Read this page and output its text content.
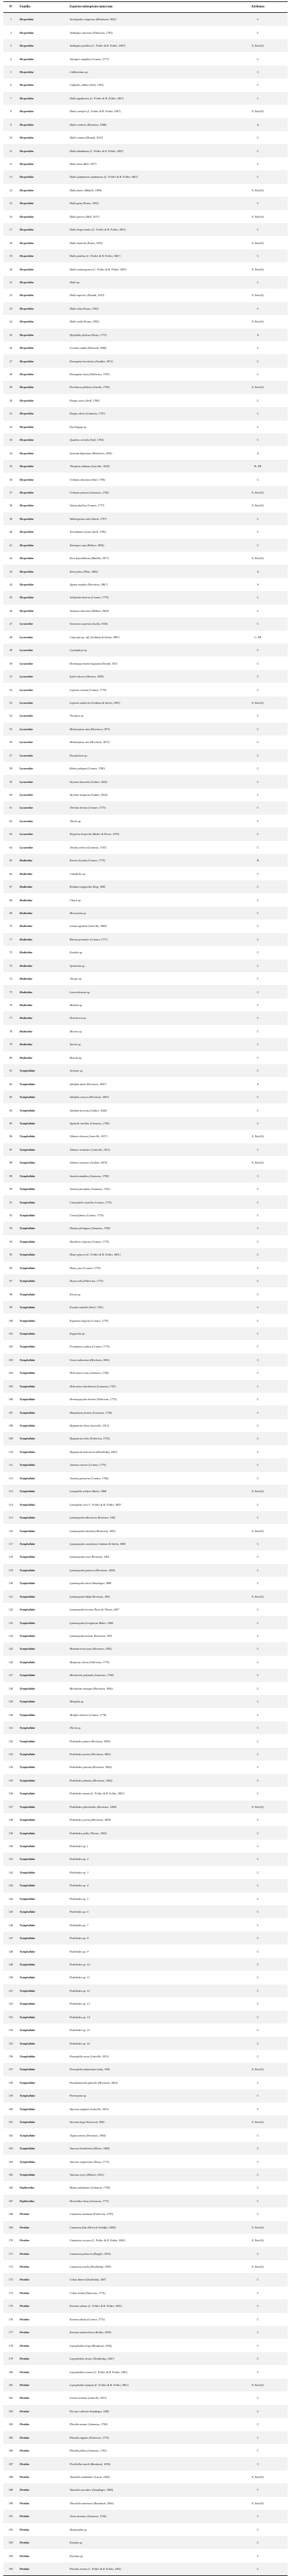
Nº	Família	Espécies/subespécies/autor/ano	Atributos
1	Hesperiidae	Aeolopsida compressa (Boisduval, 1852)	C
2	Hesperiidae	Anthoptus epictetus (Fabricius, 1793)	C
3	Hesperiidae	Anthoptus pusillus (C. Felder & R. Felder, 1867)	E, End (S)
4	Hesperiidae	Astraptes anaphus (Cramer, 1777)	C
5	Hesperiidae	Callimormus sp.	C
6	Hesperiidae	Calpodes ethlius (Stoll, 1782)	C
7	Hesperiidae	Dalla agathocles (C. Felder & R. Felder, 1867)	C
8	Hesperiidae	Dalla carnifex (C. Felder & R. Felder, 1867)	E, End (S)
9	Hesperiidae	Dalla cordova (Hewitson, 1868)	A
10	Hesperiidae	Dalla costata (Draudt, 1923)	C
11	Hesperiidae	Dalla dimidiatus (C. Felder & R. Felder, 1867)	C
12	Hesperiidae	Dalla dora (Bell, 1937)	C
13	Hesperiidae	Dalla epiphaneus epiphaneus (C. Felder & R. Felder, 1867)	C
14	Hesperiidae	Dalla frater (Mabille, 1899)	E, End (S)
15	Hesperiidae	Dalla geza (Evans, 1955)	C
16	Hesperiidae	Dalla grovesi (Bell, 1937)	E, End (S)
17	Hesperiidae	Dalla hesperioides (C. Felder & R. Felder, 1867)	C
18	Hesperiidae	Dalla marcela (Evans, 1955)	E, End (S)
19	Hesperiidae	Dalla pulchra (C. Felder & R. Felder, 1867)	C
20	Hesperiidae	Dalla semiargentea (C. Felder & R. Felder, 1867)	E, End (S)
21	Hesperiidae	Dalla sp.	C
22	Hesperiidae	Dalla superior (Draudt, 1923)	E, End (S)
23	Hesperiidae	Dalla vitta (Evans, 1955)	C
24	Hesperiidae	Dalla wolfi (Evans, 1955)	E, End (S)
25	Hesperiidae	Hylephila phyleus (Drury, 1773)	A
26	Hesperiidae	Lerodea eufala (Edwards, 1869)	C
27	Hesperiidae	Panoquina hecebolus (Scudder, 1872)	C
28	Hesperiidae	Panoquina lucas (Fabricius, 1793)	C
29	Hesperiidae	Perichares philetes (Gmelin, 1790)	E, End (S)
30	Hesperiidae	Pyrgus orcus (Stoll, 1780)	C
31	Hesperiidae	Pyrgus oileus (Linnaeus, 1767)	C
32	Hesperiidae	Pyrrhopyge sp.	C
33	Hesperiidae	Quadrus cerialis (Stoll, 1782)	C
34	Hesperiidae	Sostrata bifasciata (Ménétriés, 1829)	A
35	Hesperiidae	Thespieus dalman (Latreille, 1824)	B, NE
36	Hesperiidae	Urbanus dorantes (Stoll, 1790)	C
37	Hesperiidae	Urbanus proteus (Linnaeus, 1758)	E, End (S)
38	Hesperiidae	Vettius phyllus (Cramer, 1777)	E, End (S)
39	Hesperiidae	Wallengrenia otho (Smith, 1797)	C
40	Hesperiidae	Xenophanes tryxus (Stoll, 1780)	C
41	Hesperiidae	Zariaspes mys (Hübner, 1808)	C
42	Hesperiidae	Zera hyacinthinus (Mabille, 1877)	E, End (S)
43	Hesperiidae	Zenis jebus (Plötz, 1882)	A
44	Hesperiidae	Aguna asander (Hewitson, 1867)	A
45	Hesperiidae	Achlyodes busirus (Cramer, 1779)	C
46	Hesperiidae	Anastrus obscurus (Hübner, 1824)	C
47	Lycaenidae	Arawacus separata (Lathy, 1926)	C
48	Lycaenidae	Calycopis sp. aff. (Godman & Salvin, 1887)	C, NE
49	Lycaenidae	Cyanophrys sp.	C
50	Lycaenidae	Hemiargus hanno bogotana Draudt, 1921	C
51	Lycaenidae	Itylos titicaca (Weymer, 1890)	C
52	Lycaenidae	Leptotes cassius (Cramer, 1775)	C
53	Lycaenidae	Leptotes andicola (Godman & Salvin, 1891)	E, End (S)
54	Lycaenidae	Nicolaea sp.	C
55	Lycaenidae	Ministrymon azia (Hewitson, 1873)	C
56	Lycaenidae	Ministrymon una (Hewitson, 1873)	C
57	Lycaenidae	Pseudolucia sp.	C
58	Lycaenidae	Rekoa palegon (Cramer, 1780)	C
59	Lycaenidae	Strymon bazochii (Godart, 1824)	C
60	Lycaenidae	Strymon megarus (Godart, 1824)	C
61	Lycaenidae	Theritas hemon (Cramer, 1775)	C
62	Lycaenidae	Thecla sp.	C
63	Lycaenidae	Ziegleria hesperitis (Butler & Druce, 1872)	C
64	Lycaenidae	Tmolus echion (Linnaeus, 1767)	C
65	Riodinidae	Emesis lucinda (Cramer, 1775)	B
66	Riodinidae	Calephelis sp.	C
67	Riodinidae	Riodina lysippoides Berg, 1882	C
68	Riodinidae	Charis sp.	C
69	Riodinidae	Mesosemia sp.	C
70	Riodinidae	Lasaia agesilas (Latreille, 1809)	C
71	Riodinidae	Rhetus periander (Cramer, 1777)	C
72	Riodinidae	Eurybia sp.	C
73	Riodinidae	Apodemia sp.	C
74	Riodinidae	Theope sp.	C
75	Riodinidae	Leucochimona sp.	C
76	Riodinidae	Melanis sp.	C
77	Riodinidae	Detritivora sp.	C
78	Riodinidae	Mesene sp.	C
79	Riodinidae	Sarota sp.	C
80	Riodinidae	Baeotis sp.	C
81	Nymphalidae	Actinote sp.	C
82	Nymphalidae	Adelpha alala (Hewitson, 1847)	A
83	Nymphalidae	Adelpha corcyra (Hewitson, 1847)	C
84	Nymphalidae	Adelpha lycorias (Godart, 1824)	C
85	Nymphalidae	Agraulis vanillae (Linnaeus, 1758)	C
86	Nymphalidae	Altinote dicaeus (Latreille, 1817)	E, End (S)
87	Nymphalidae	Altinote stratonice (Latreille, 1813)	C
88	Nymphalidae	Altinote ozomene (Godart, 1819)	E, End (S)
89	Nymphalidae	Anartia amathea (Linnaeus, 1758)	C
90	Nymphalidae	Anartia jatrophae (Linnaeus, 1763)	C
91	Nymphalidae	Catonephele numilia (Cramer, 1775)	C
92	Nymphalidae	Consul fabius (Cramer, 1776)	C
93	Nymphalidae	Danaus plexippus (Linnaeus, 1758)	C
94	Nymphalidae	Diaethria clymena (Cramer, 1775)	C
95	Nymphalidae	Dione glycera (C. Felder & R. Felder, 1861)	C
96	Nymphalidae	Dione juno (Cramer, 1779)	C
97	Nymphalidae	Dryas iulia (Fabricius, 1775)	C
98	Nymphalidae	Eresia sp.	C
99	Nymphalidae	Eueides isabella (Stoll, 1781)	C
100	Nymphalidae	Euptoieta hegesia (Cramer, 1779)	C
101	Nymphalidae	Euptychia sp.	C
102	Nymphalidae	Fountainea ryphea (Cramer, 1775)	C
103	Nymphalidae	Greta andromica (Hewitson, 1855)	C
104	Nymphalidae	Heliconius erato (Linnaeus, 1758)	C
105	Nymphalidae	Heliconius charithonia (Linnaeus, 1767)	C
106	Nymphalidae	Hermeuptychia hermes (Fabricius, 1775)	C
107	Nymphalidae	Hamadryas feronia (Linnaeus, 1758)	C
108	Nymphalidae	Hypanartia dione (Latreille, 1813)	C
109	Nymphalidae	Hypanartia lethe (Fabricius, 1793)	C
110	Nymphalidae	Hypanartia kefersteini (Doubleday, 1847)	C
111	Nymphalidae	Junonia evarete (Cramer, 1779)	C
112	Nymphalidae	Junonia genoveva (Cramer, 1780)	C
113	Nymphalidae	Lasiophila orbifera Butler, 1868	E, End (S)
114	Nymphalidae	Lasiophila circe C. Felder & R. Felder, 1859	C
115	Nymphalidae	Lymanopoda albocincta Hewitson, 1861	C
116	Nymphalidae	Lymanopoda obsoleta (Westwood, 1851)	E, End (S)
117	Nymphalidae	Lymanopoda caeruleata Godman & Salvin, 1880	C
118	Nymphalidae	Lymanopoda tener Hewitson, 1861	C
119	Nymphalidae	Lymanopoda panacea (Hewitson, 1869)	C
120	Nymphalidae	Lymanopoda nivea Staudinger, 1888	C
121	Nymphalidae	Lymanopoda labda Hewitson, 1861	E, End (S)
122	Nymphalidae	Lymanopoda lecromi Pyrcz & Viloria, 2007	C
123	Nymphalidae	Lymanopoda ferruginosa Butler, 1868	C
124	Nymphalidae	Lymanopoda samius Westwood, 1851	C
125	Nymphalidae	Manataria hercyna (Hewitson, 1852)	C
126	Nymphalidae	Marpesia chiron (Fabricius, 1775)	C
127	Nymphalidae	Mechanitis polymnia (Linnaeus, 1758)	C
128	Nymphalidae	Mechanitis menapis (Hewitson, 1856)	C
129	Nymphalidae	Memphis sp.	C
130	Nymphalidae	Morpho helenor (Cramer, 1776)	C
131	Nymphalidae	Oleria sp.	C
132	Nymphalidae	Pedaliodes phaea (Hewitson, 1859)	C
133	Nymphalidae	Pedaliodes poesia (Hewitson, 1862)	C
134	Nymphalidae	Pedaliodes pisonia (Hewitson, 1862)	C
135	Nymphalidae	Pedaliodes phanias (Hewitson, 1862)	C
136	Nymphalidae	Pedaliodes manis (C. Felder & R. Felder, 1867)	C
137	Nymphalidae	Pedaliodes pheretiades (Hewitson, 1869)	E, End (S)
138	Nymphalidae	Pedaliodes porina (Hewitson, 1869)	C
139	Nymphalidae	Pedaliodes polla (Thieme, 1905)	C
140	Nymphalidae	Pedaliodes sp. 1	C
141	Nymphalidae	Pedaliodes sp. 2	C
142	Nymphalidae	Pedaliodes sp. 3	C
143	Nymphalidae	Pedaliodes sp. 4	C
144	Nymphalidae	Pedaliodes sp. 5	C
145	Nymphalidae	Pedaliodes sp. 6	C
146	Nymphalidae	Pedaliodes sp. 7	C
147	Nymphalidae	Pedaliodes sp. 8	C
148	Nymphalidae	Pedaliodes sp. 9	C
149	Nymphalidae	Pedaliodes sp. 10	C
150	Nymphalidae	Pedaliodes sp. 11	C
151	Nymphalidae	Pedaliodes sp. 12	C
152	Nymphalidae	Pedaliodes sp. 13	C
153	Nymphalidae	Pedaliodes sp. 14	C
154	Nymphalidae	Pedaliodes sp. 15	C
155	Nymphalidae	Pedaliodes sp. 16	C
156	Nymphalidae	Pronophila orcus (Latreille, 1813)	C
157	Nymphalidae	Pronophila unifasciata Lathy, 1906	E, End (S)
158	Nymphalidae	Pseudomaniola phaselis (Hewitson, 1862)	C
159	Nymphalidae	Pteronymia sp.	C
160	Nymphalidae	Siproeta epaphus (Latreille, 1813)	C
161	Nymphalidae	Steroma bega Westwood, 1850	E, End (S)
162	Nymphalidae	Tegosa anieta (Hewitson, 1864)	C
163	Nymphalidae	Vanessa braziliensis (Moore, 1883)	C
164	Nymphalidae	Vanessa virginiensis (Drury, 1773)	C
165	Nymphalidae	Vanessa carye (Hübner, 1812)	C
166	Papilionidae	Battus polydamas (Linnaeus, 1758)	C
167	Papilionidae	Heraclides thoas (Linnaeus, 1771)	C
168	Pieridae	Catasticta sisamnus (Fabricius, 1793)	C
169	Pieridae	Catasticta flisa (Herrich-Schäffer, 1858)	E, End (S)
170	Pieridae	Catasticta corcyra (C. Felder & R. Felder, 1861)	E, End (S)
171	Pieridae	Catasticta prioneris (Hopffer, 1874)	C
172	Pieridae	Catasticta teutila (Doubleday, 1847)	E, End (S)
173	Pieridae	Colias dimera Doubleday, 1847	C
174	Pieridae	Colias lesbia (Fabricius, 1775)	C
175	Pieridae	Eurema salome (C. Felder & R. Felder, 1861)	C
176	Pieridae	Eurema albula (Cramer, 1775)	C
177	Pieridae	Eurema xanthochlora (Kollar, 1850)	C
178	Pieridae	Leptophobia aripa (Boisduval, 1836)	C
179	Pieridae	Leptophobia eleone (Doubleday, 1847)	C
180	Pieridae	Leptophobia tovaria (C. Felder & R. Felder, 1861)	C
181	Pieridae	Leptophobia olympia (C. Felder & R. Felder, 1861)	E, End (S)
182	Pieridae	Lieinix nemesis (Latreille, 1813)	C
183	Pieridae	Pereute callinira Staudinger, 1884	C
184	Pieridae	Phoebis sennae (Linnaeus, 1758)	C
185	Pieridae	Phoebis argante (Fabricius, 1775)	C
186	Pieridae	Phoebis philea (Linnaeus, 1763)	C
187	Pieridae	Pieriballia viardi (Boisduval, 1836)	C
188	Pieridae	Tatochila xanthodice (Lucas, 1852)	E, End (S)
189	Pieridae	Tatochila sterodice (Staudinger, 1894)	C
190	Pieridae	Theochila maenacte (Boisduval, 1836)	E, End (S)
191	Pieridae	Ascia monuste (Linnaeus, 1764)	C
192	Pieridae	Dismorphia sp.	C
193	Pieridae	Enantia sp.	C
194	Pieridae	Pyrisitia sp.	C
195	Pieridae	Phoebis rurina (C. Felder & R. Felder, 1861)	C
